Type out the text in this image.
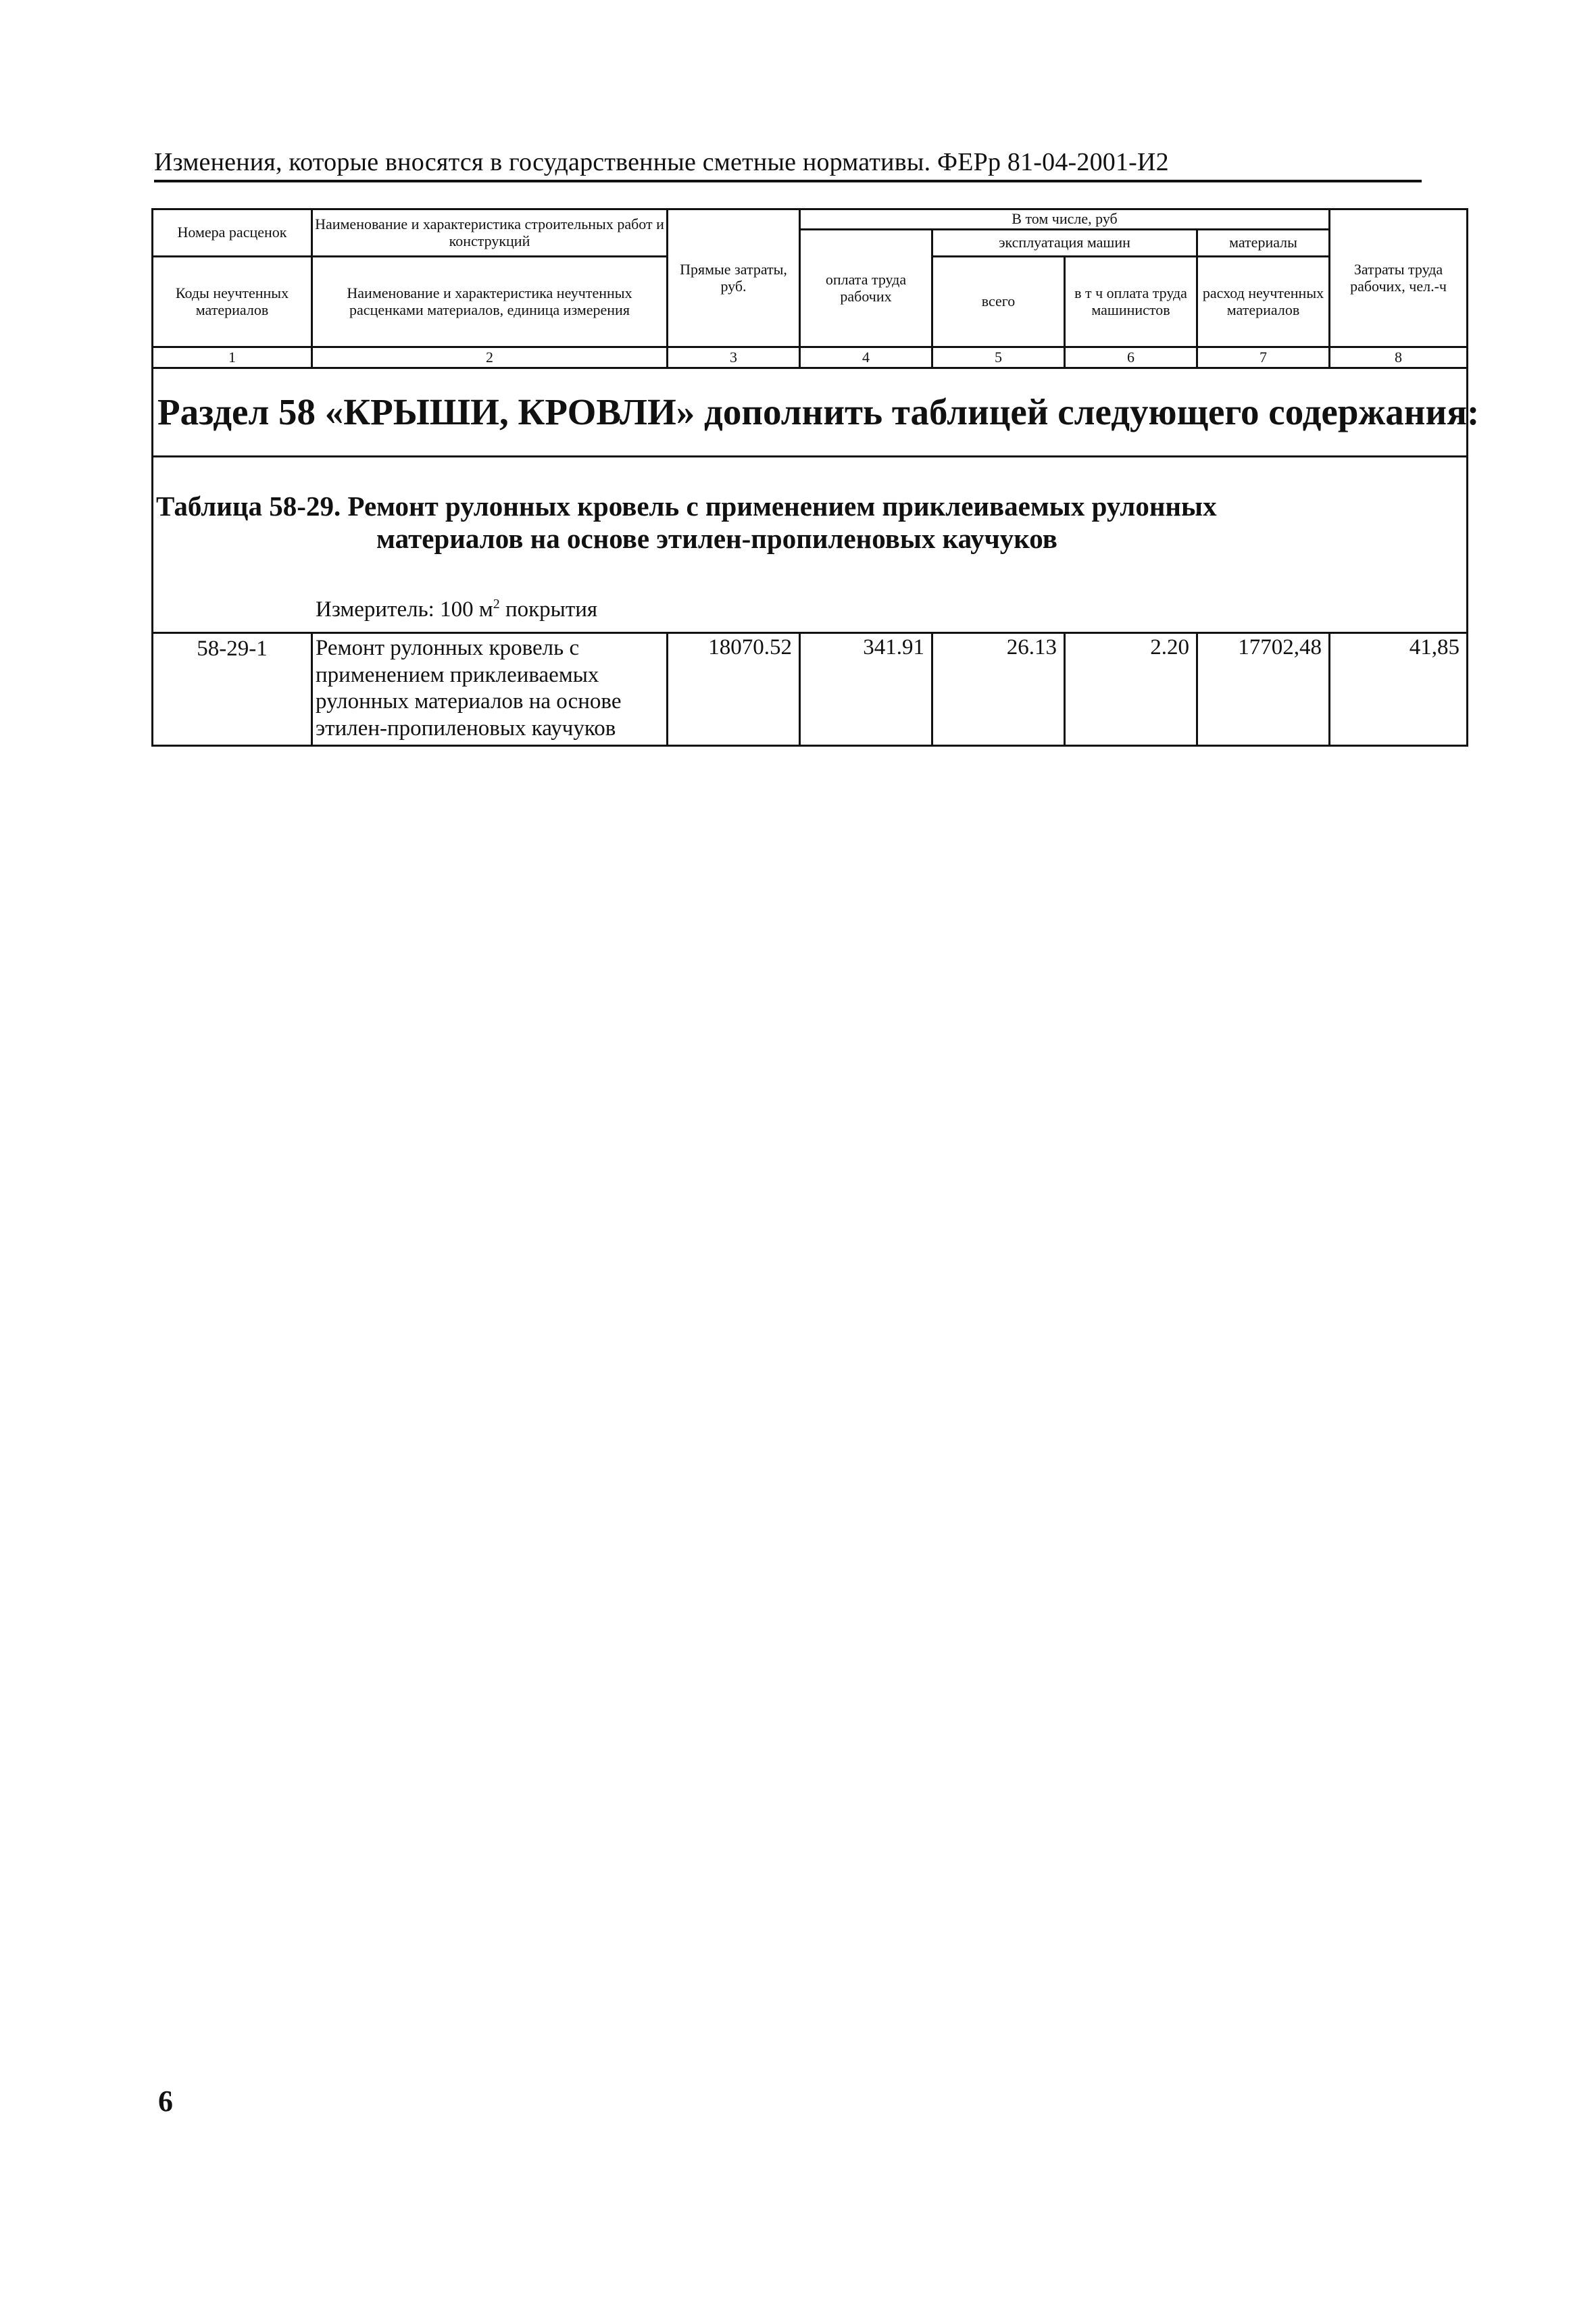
Изменения, которые вносятся в государственные сметные нормативы. ФЕРр 81-04-2001-И2
Номера расценок	Наименование и характеристика строительных работ и конструкций	Прямые затраты, руб.	В том числе, руб				Затраты труда рабочих, чел.-ч
			оплата труда рабочих	эксплуатация машин		материалы	
Коды неучтенных материалов	Наименование и характеристика неучтенных расценками материалов, единица измерения			всего	в т ч оплата труда машинистов	расход неучтенных материалов	
1	2	3	4	5	6	7	8
Раздел 58 «КРЫШИ, КРОВЛИ» дополнить таблицей следующего содержания:							

Таблица 58-29. Ремонт рулонных кровель с применением приклеиваемых рулонных
материалов на основе этилен-пропиленовых каучуков
Измеритель: 100 $м^2$ покрытия							

58-29-1	Ремонт рулонных кровель с применением приклеиваемых рулонных материалов на основе этилен-пропиленовых каучуков	18070.52	341.91	26.13	2.20	17702,48	41,85
6
